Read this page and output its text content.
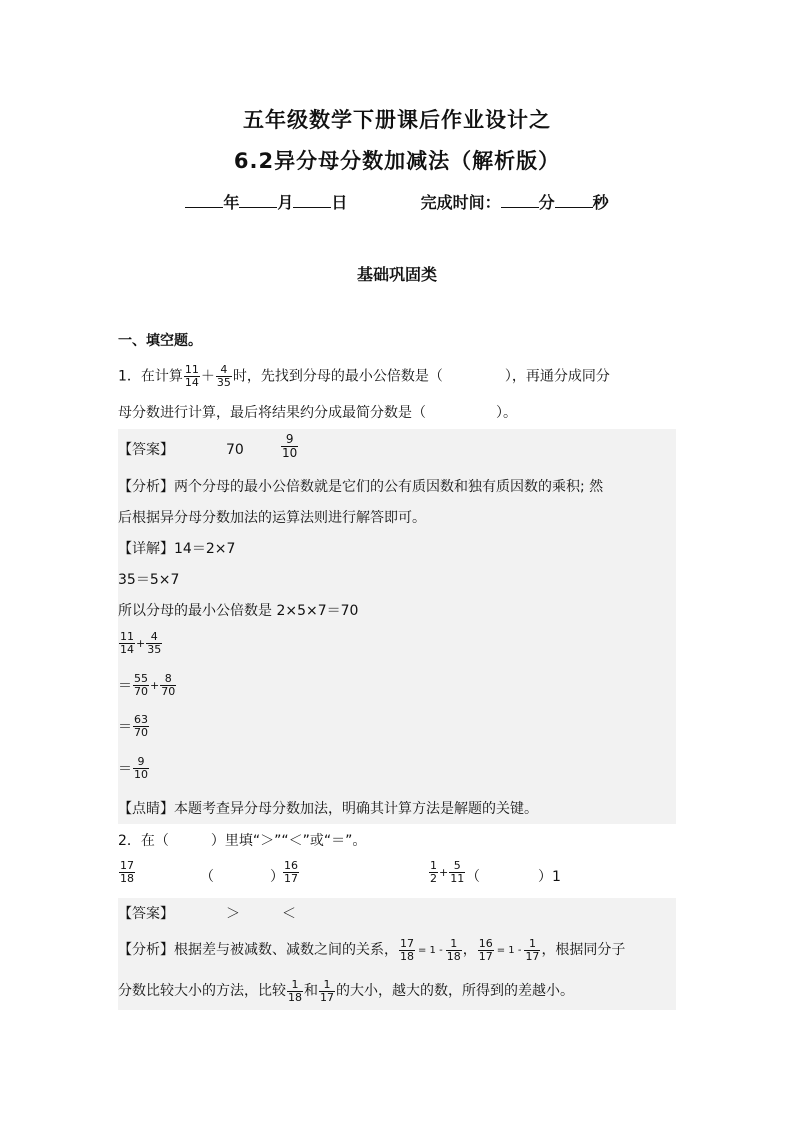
五年级数学下册课后作业设计之
6.2异分母分数加减法（解析版）
年 月 日	完成时间： 分 秒
基础巩固类
一、填空题。
1．在计算 $\frac{11}{14} + \frac{4}{35}$ 时，先找到分母的最小公倍数是（	），再通分成同分
母分数进行计算，最后将结果约分成最简分数是（	）。
【答案】	70	$\frac{9}{10}$
【分析】两个分母的最小公倍数就是它们的公有质因数和独有质因数的乘积; 然
后根据异分母分数加法的运算法则进行解答即可。
【详解】14＝2×7
35＝5×7
所以分母的最小公倍数是 2×5×7＝70
$\frac{11}{14} + \frac{4}{35}$
＝ $\frac{55}{70} + \frac{8}{70}$
＝ $\frac{63}{70}$
＝ $\frac{9}{10}$
【点睛】本题考查异分母分数加法，明确其计算方法是解题的关键。
2．在（　　　）里填“＞”“＜”或“＝”。
$\frac{17}{18}$	（	） $\frac{16}{17}$	$\frac{1}{2} + \frac{5}{11}$ （	）1
【答案】	＞	＜
【分析】 根据差与被减数、减数之间的关系， $\frac{17}{18} = 1 - \frac{1}{18}$ ， $\frac{16}{17} = 1 - \frac{1}{17}$ ，根据同分子
分数比较大小的方法，比较 $\frac{1}{18}$ 和 $\frac{1}{17}$ 的大小，越大的数，所得到的差越小。
